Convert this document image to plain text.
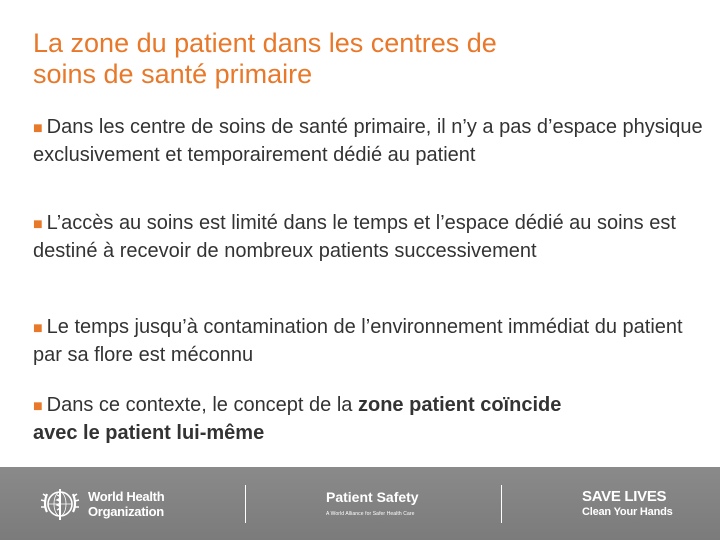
La zone du patient dans les centres de
soins de santé primaire

■ Dans les centre de soins de santé primaire, il n’y a pas d’espace physique exclusivement et temporairement dédié au patient

■ L’accès au soins est limité dans le temps et l’espace dédié au soins est destiné à recevoir de nombreux patients successivement

■ Le temps jusqu’à contamination de l’environnement immédiat du patient par sa flore est méconnu

■ Dans ce contexte, le concept de la zone patient coïncide
avec le patient lui-même

World Health
Organization
Patient Safety
A World Alliance for Safer Health Care
SAVE LIVES
Clean Your Hands
